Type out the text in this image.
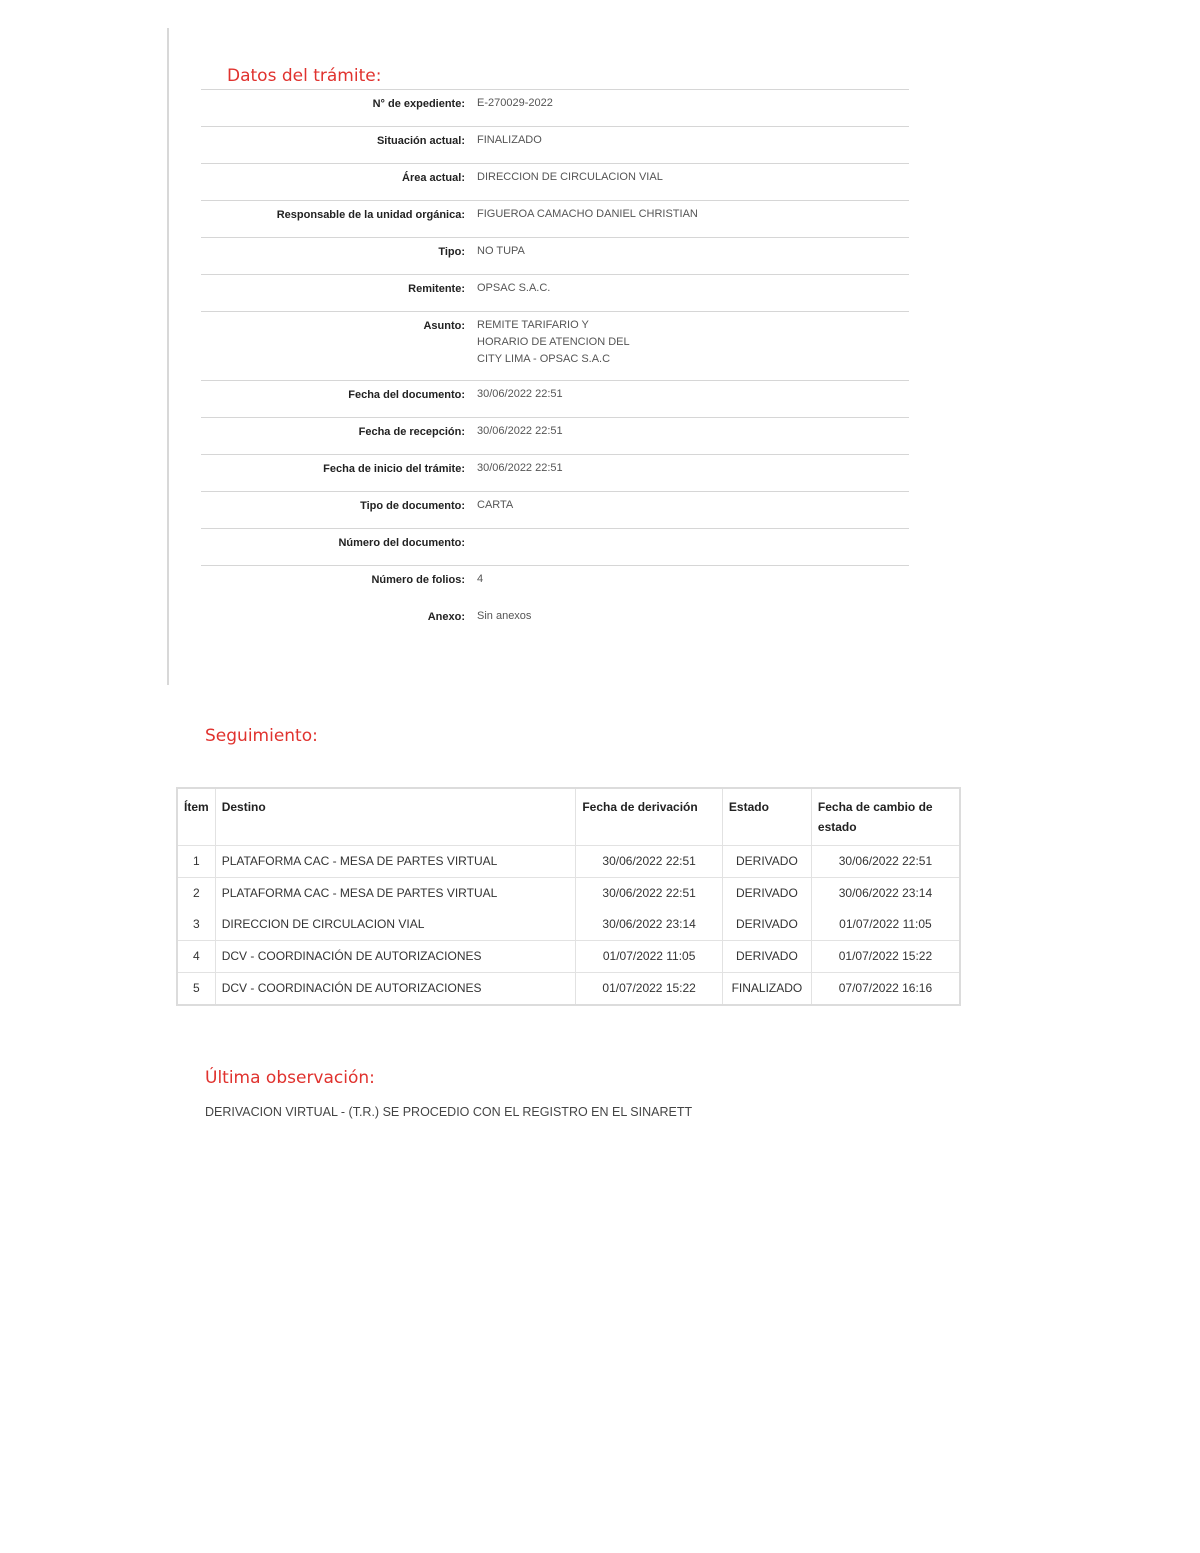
Datos del trámite:
N° de expediente:	E-270029-2022
Situación actual:	FINALIZADO
Área actual:	DIRECCION DE CIRCULACION VIAL
Responsable de la unidad orgánica:	FIGUEROA CAMACHO DANIEL CHRISTIAN
Tipo:	NO TUPA
Remitente:	OPSAC S.A.C.
Asunto: REMITE TARIFARIO Y
HORARIO DE ATENCION DEL
CITY LIMA - OPSAC S.A.C
Fecha del documento:	30/06/2022 22:51
Fecha de recepción:	30/06/2022 22:51
Fecha de inicio del trámite:	30/06/2022 22:51
Tipo de documento:	CARTA
Número del documento:
Número de folios:	4
Anexo:	Sin anexos
Seguimiento:
Ítem	Destino	Fecha de derivación	Estado	Fecha de cambio de estado
1	PLATAFORMA CAC - MESA DE PARTES VIRTUAL	30/06/2022 22:51	DERIVADO	30/06/2022 22:51
2	PLATAFORMA CAC - MESA DE PARTES VIRTUAL	30/06/2022 22:51	DERIVADO	30/06/2022 23:14
3	DIRECCION DE CIRCULACION VIAL	30/06/2022 23:14	DERIVADO	01/07/2022 11:05
4	DCV - COORDINACIÓN DE AUTORIZACIONES	01/07/2022 11:05	DERIVADO	01/07/2022 15:22
5	DCV - COORDINACIÓN DE AUTORIZACIONES	01/07/2022 15:22	FINALIZADO	07/07/2022 16:16
Última observación:
DERIVACION VIRTUAL - (T.R.) SE PROCEDIO CON EL REGISTRO EN EL SINARETT
